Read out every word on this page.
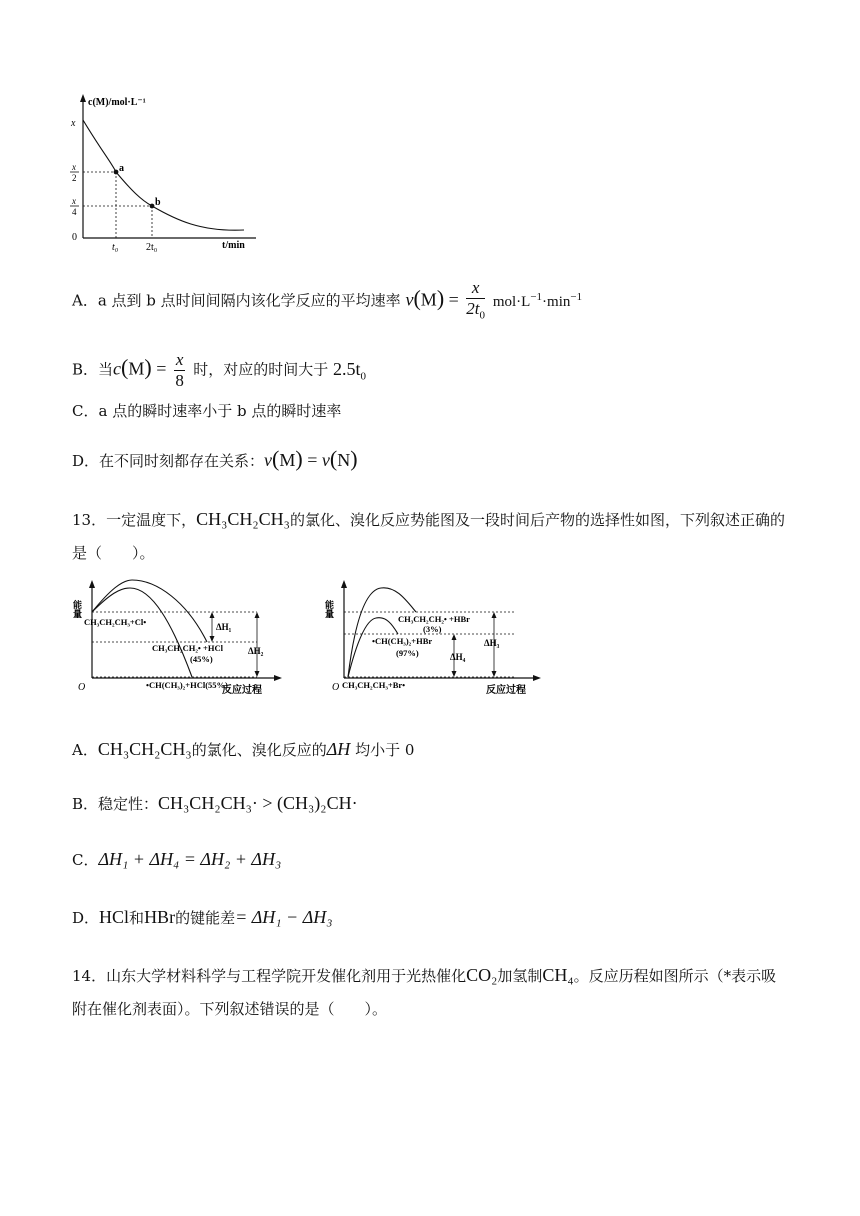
c(M)/mol·L⁻¹
x
x
2
x
4
0
a
b
t₀	2t₀	t/min
A．a 点到 b 点时间间隔内该化学反应的平均速率 $v(M) = \frac{x}{2t_0} mol\cdot L^{-1}\cdot\min^{-1}$
B．当$c(M) = \frac{x}{8}$ 时，对应的时间大于 $2.5t_0$
C．a 点的瞬时速率小于 b 点的瞬时速率
D．在不同时刻都存在关系：v(M) = v(N)
13．一定温度下，CH₃CH₂CH₃的氯化、溴化反应势能图及一段时间后产物的选择性如图，下列叙述正确的
是（　　）。
能量
O	反应过程
CH₃CH₂CH₃+Cl•
CH₃CH₂CH₂• +HCl
(45%)
•CH(CH₃)₂+HCl(55%)
ΔH₁
ΔH₂
能量
O	反应过程
CH₃CH₂CH₂• +HBr
(3%)
•CH(CH₃)₂+HBr
(97%)	ΔH₄
ΔH₃
CH₃CH₂CH₃+Br•
A．CH₃CH₂CH₃的氯化、溴化反应的ΔH 均小于 0
B．稳定性：CH₃CH₂CH₃· > (CH₃)₂CH·
C．ΔH₁ + ΔH₄ = ΔH₂ + ΔH₃
D．HCl和HBr的键能差= ΔH₁ − ΔH₃
14．山东大学材料科学与工程学院开发催化剂用于光热催化CO₂加氢制CH₄。反应历程如图所示（*表示吸
附在催化剂表面）。下列叙述错误的是（　　）。
